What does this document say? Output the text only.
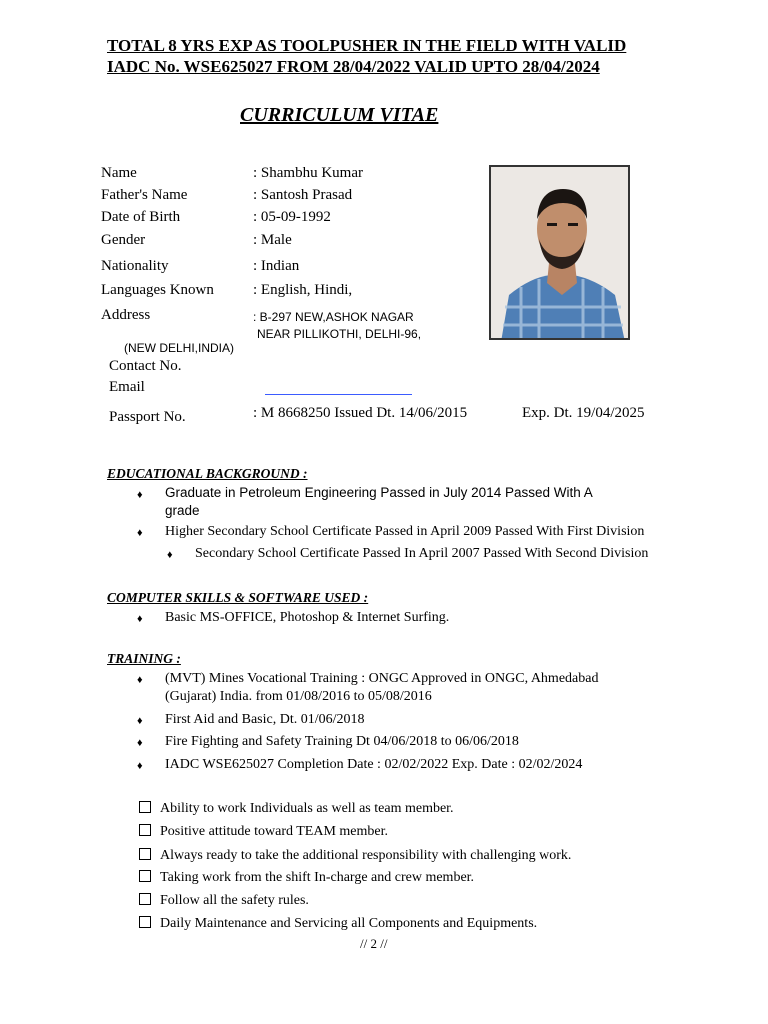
TOTAL 8 YRS EXP AS TOOLPUSHER IN THE FIELD WITH VALID
IADC No. WSE625027 FROM 28/04/2022 VALID UPTO 28/04/2024
CURRICULUM VITAE
Name	: Shambhu Kumar
Father's Name	: Santosh Prasad
Date of Birth	: 05-09-1992
Gender	: Male
Nationality	: Indian
Languages Known	: English, Hindi,
Address	: B-297 NEW,ASHOK NAGAR
NEAR PILLIKOTHI, DELHI-96,
(NEW DELHI,INDIA)
Contact No.
Email
Passport No.	: M 8668250 Issued Dt. 14/06/2015	Exp. Dt. 19/04/2025
EDUCATIONAL BACKGROUND :
♦ Graduate in Petroleum Engineering Passed in July 2014 Passed With A
grade
♦ Higher Secondary School Certificate Passed in April 2009 Passed With First Division
♦ Secondary School Certificate Passed In April 2007 Passed With Second Division
COMPUTER SKILLS & SOFTWARE USED :
♦ Basic MS-OFFICE, Photoshop & Internet Surfing.
TRAINING :
♦ (MVT) Mines Vocational Training : ONGC Approved in ONGC, Ahmedabad
(Gujarat) India. from 01/08/2016 to 05/08/2016
♦ First Aid and Basic, Dt. 01/06/2018
♦ Fire Fighting and Safety Training Dt 04/06/2018 to 06/06/2018
♦ IADC WSE625027 Completion Date : 02/02/2022 Exp. Date : 02/02/2024
Ability to work Individuals as well as team member.
Positive attitude toward TEAM member.
Always ready to take the additional responsibility with challenging work.
Taking work from the shift In-charge and crew member.
Follow all the safety rules.
Daily Maintenance and Servicing all Components and Equipments.
// 2 //
